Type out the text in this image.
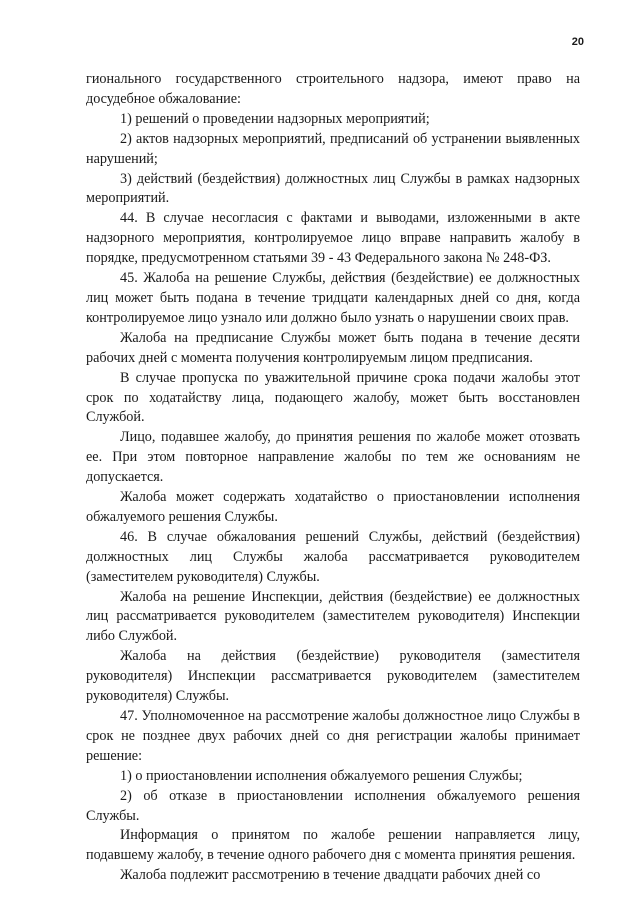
20

гионального государственного строительного надзора, имеют право на досудебное обжалование:

1) решений о проведении надзорных мероприятий;

2) актов надзорных мероприятий, предписаний об устранении выявленных нарушений;

3) действий (бездействия) должностных лиц Службы в рамках надзорных мероприятий.

44. В случае несогласия с фактами и выводами, изложенными в акте надзорного мероприятия, контролируемое лицо вправе направить жалобу в порядке, предусмотренном статьями 39 - 43 Федерального закона № 248-ФЗ.

45. Жалоба на решение Службы, действия (бездействие) ее должностных лиц может быть подана в течение тридцати календарных дней со дня, когда контролируемое лицо узнало или должно было узнать о нарушении своих прав.

Жалоба на предписание Службы может быть подана в течение десяти рабочих дней с момента получения контролируемым лицом предписания.

В случае пропуска по уважительной причине срока подачи жалобы этот срок по ходатайству лица, подающего жалобу, может быть восстановлен Службой.

Лицо, подавшее жалобу, до принятия решения по жалобе может отозвать ее. При этом повторное направление жалобы по тем же основаниям не допускается.

Жалоба может содержать ходатайство о приостановлении исполнения обжалуемого решения Службы.

46. В случае обжалования решений Службы, действий (бездействия) должностных лиц Службы жалоба рассматривается руководителем (заместителем руководителя) Службы.

Жалоба на решение Инспекции, действия (бездействие) ее должностных лиц рассматривается руководителем (заместителем руководителя) Инспекции либо Службой.

Жалоба на действия (бездействие) руководителя (заместителя руководителя) Инспекции рассматривается руководителем (заместителем руководителя) Службы.

47. Уполномоченное на рассмотрение жалобы должностное лицо Службы в срок не позднее двух рабочих дней со дня регистрации жалобы принимает решение:

1) о приостановлении исполнения обжалуемого решения Службы;

2) об отказе в приостановлении исполнения обжалуемого решения Службы.

Информация о принятом по жалобе решении направляется лицу, подавшему жалобу, в течение одного рабочего дня с момента принятия решения.

Жалоба подлежит рассмотрению в течение двадцати рабочих дней со
